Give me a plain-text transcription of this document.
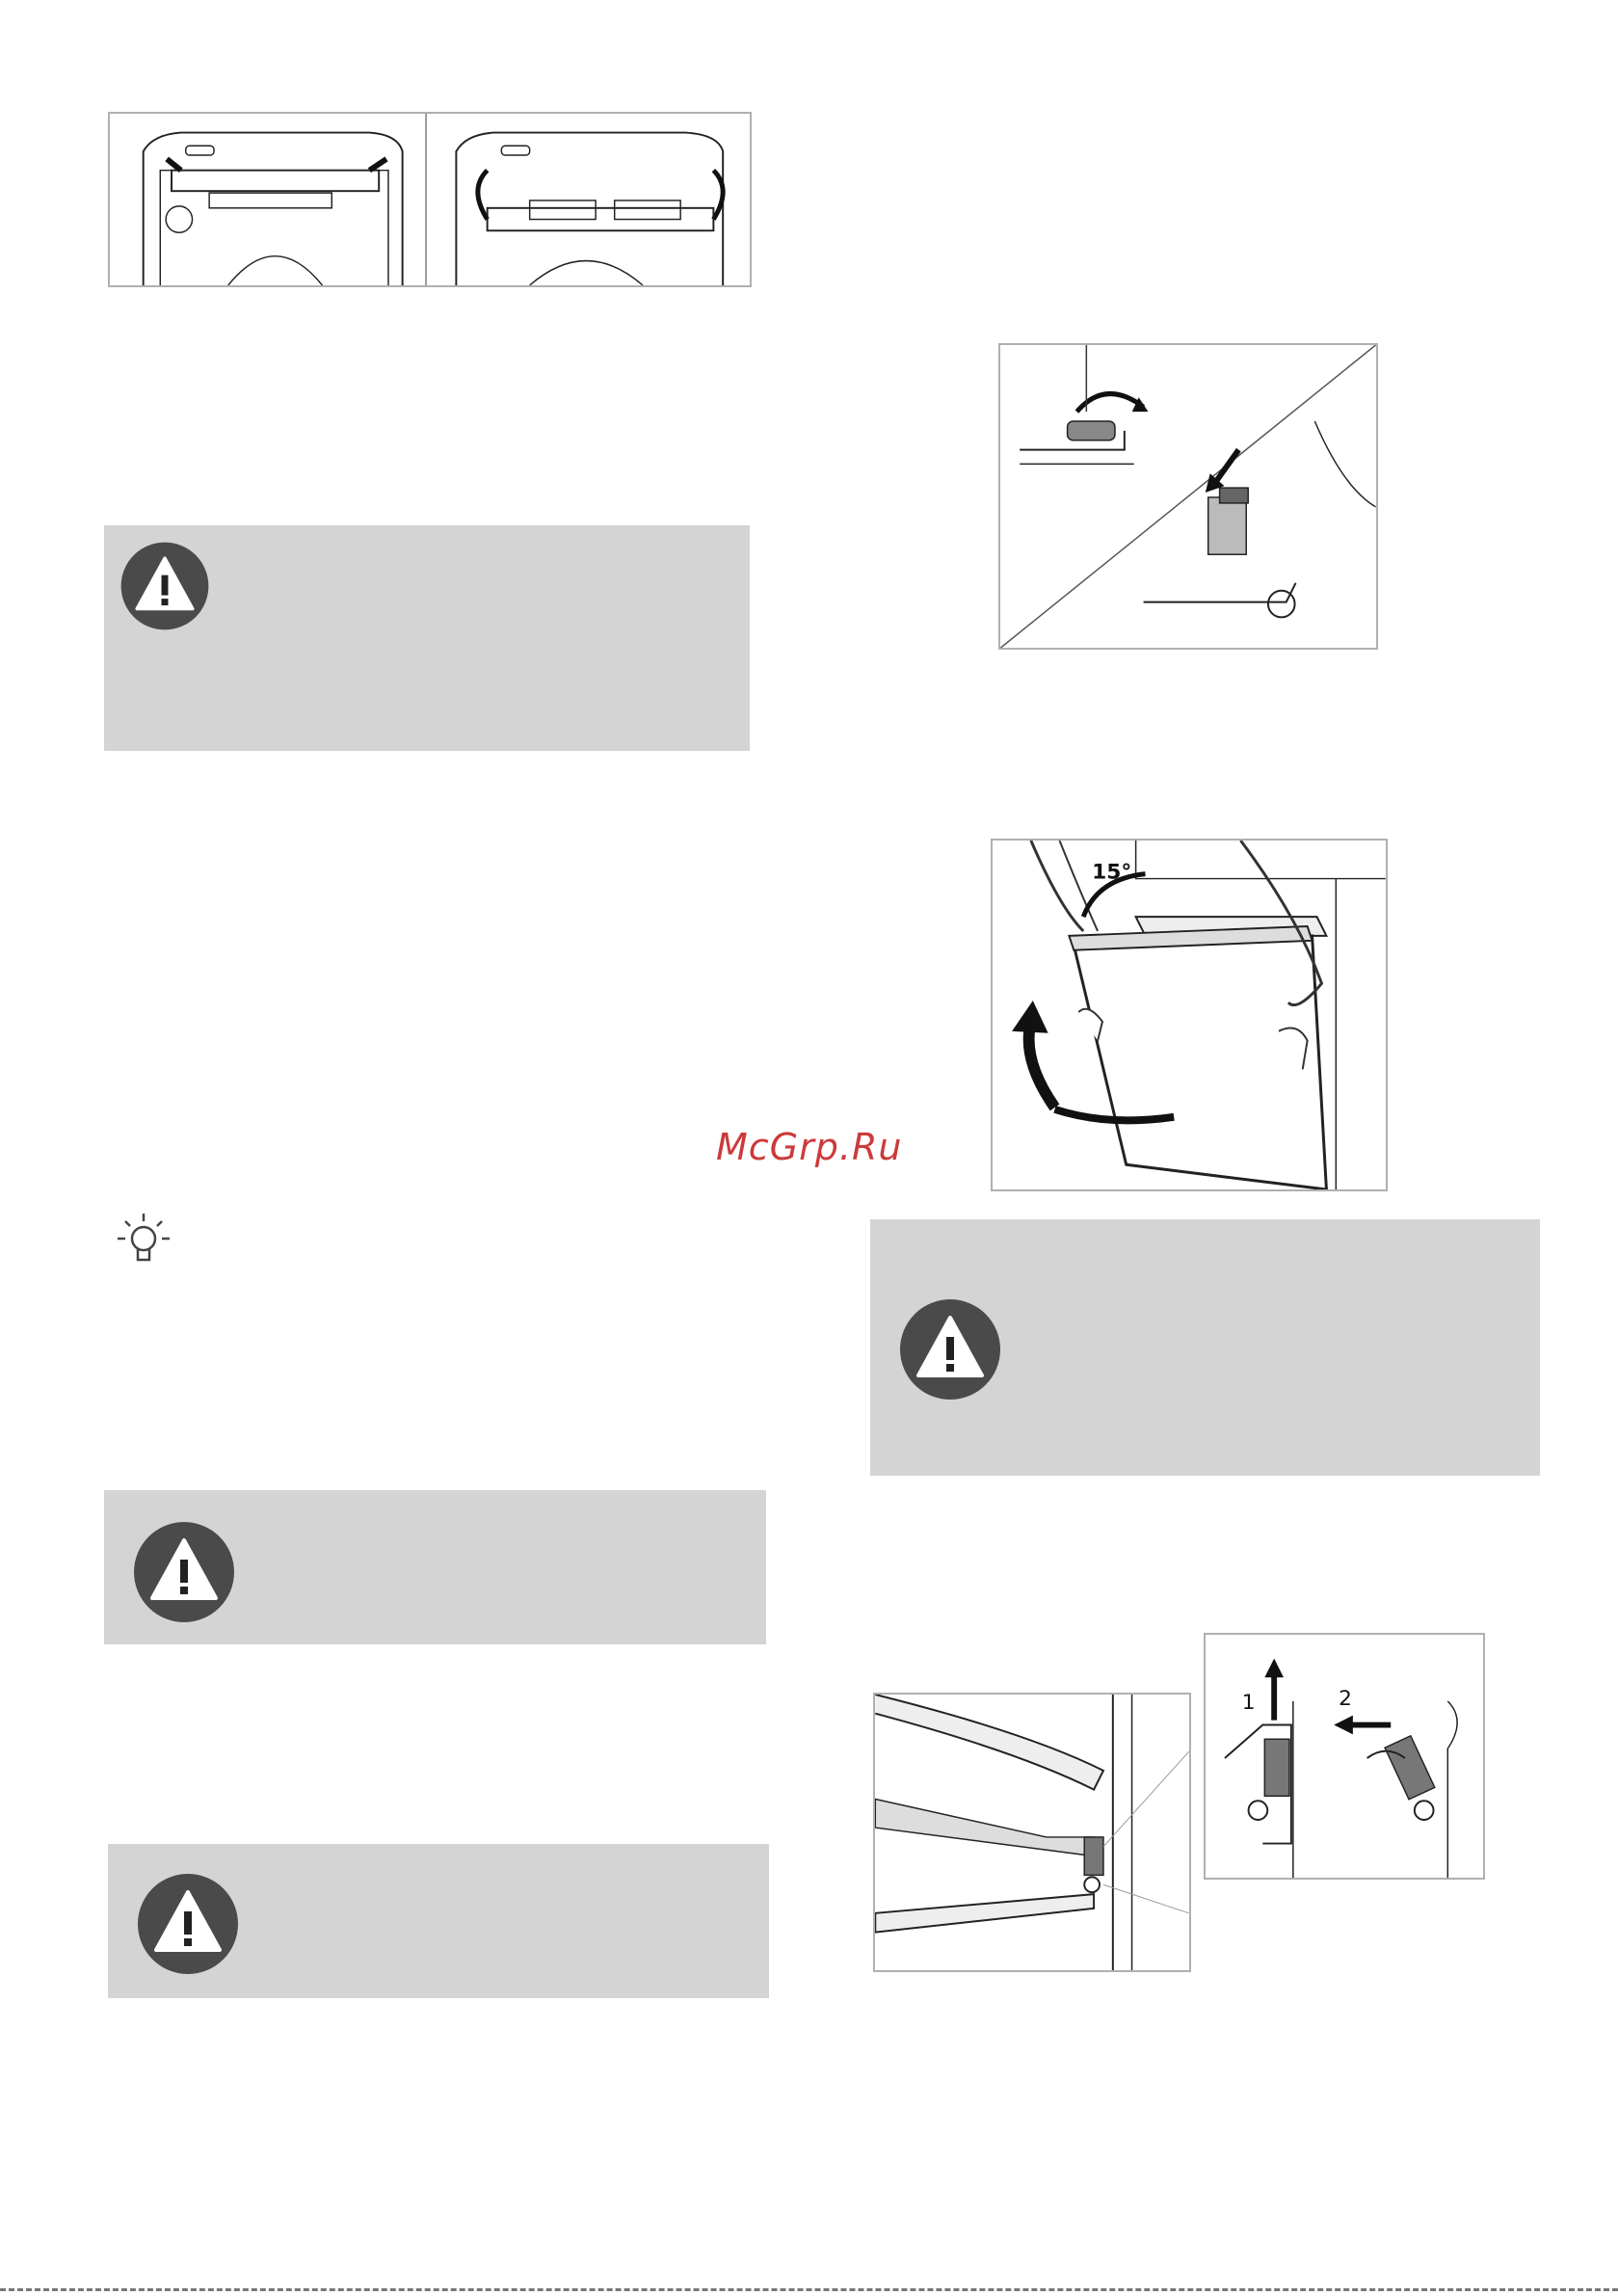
15°
1	2
McGrp.Ru
